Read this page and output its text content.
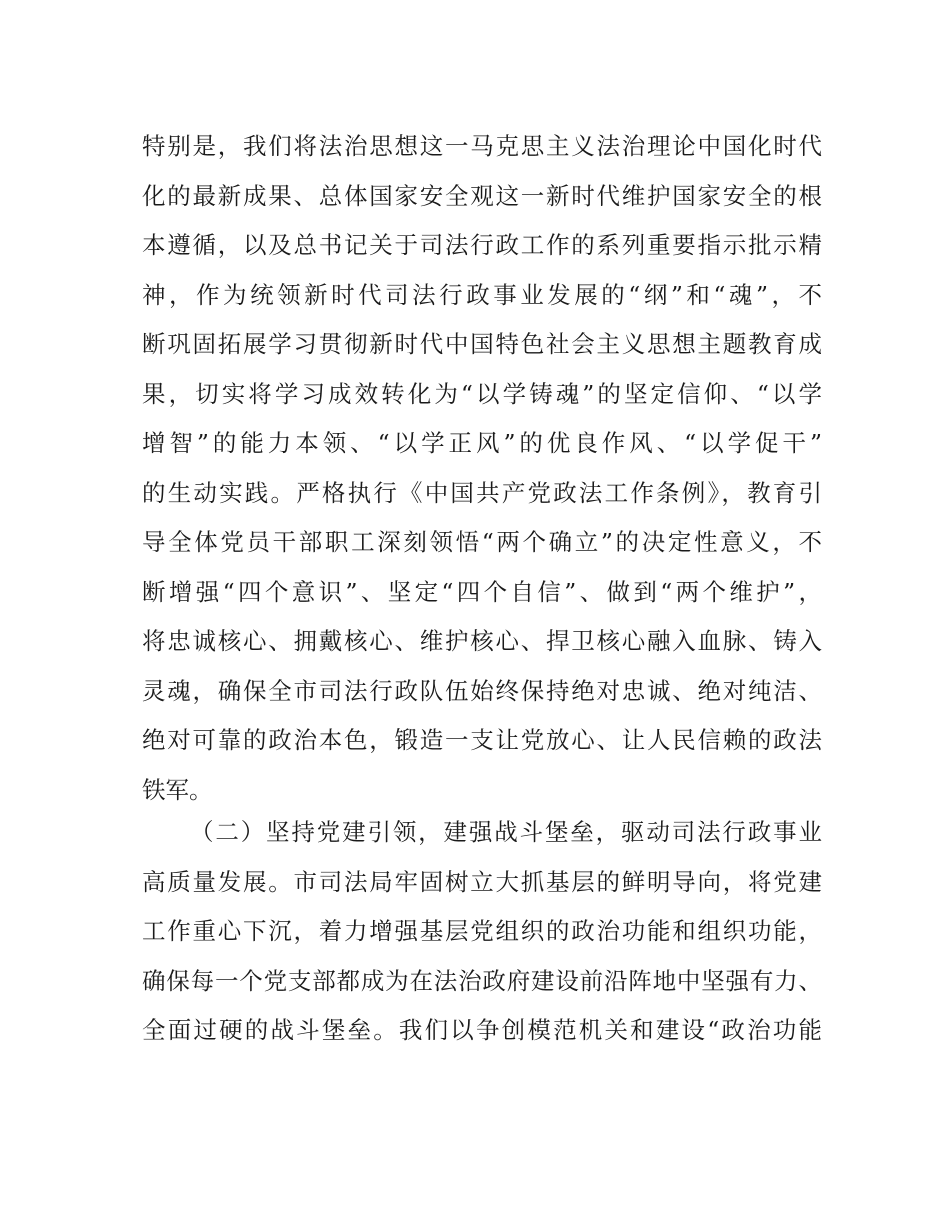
特别是，我们将法治思想这一马克思主义法治理论中国化时代
化的最新成果、总体国家安全观这一新时代维护国家安全的根
本遵循，以及总书记关于司法行政工作的系列重要指示批示精
神，作为统领新时代司法行政事业发展的“纲”和“魂”，不
断巩固拓展学习贯彻新时代中国特色社会主义思想主题教育成
果，切实将学习成效转化为“以学铸魂”的坚定信仰、“以学
增智”的能力本领、“以学正风”的优良作风、“以学促干”
的生动实践。严格执行《中国共产党政法工作条例》，教育引
导全体党员干部职工深刻领悟“两个确立”的决定性意义，不
断增强“四个意识”、坚定“四个自信”、做到“两个维护”，
将忠诚核心、拥戴核心、维护核心、捍卫核心融入血脉、铸入
灵魂，确保全市司法行政队伍始终保持绝对忠诚、绝对纯洁、
绝对可靠的政治本色，锻造一支让党放心、让人民信赖的政法
铁军。
（二）坚持党建引领，建强战斗堡垒，驱动司法行政事业
高质量发展。市司法局牢固树立大抓基层的鲜明导向，将党建
工作重心下沉，着力增强基层党组织的政治功能和组织功能，
确保每一个党支部都成为在法治政府建设前沿阵地中坚强有力、
全面过硬的战斗堡垒。我们以争创模范机关和建设“政治功能
